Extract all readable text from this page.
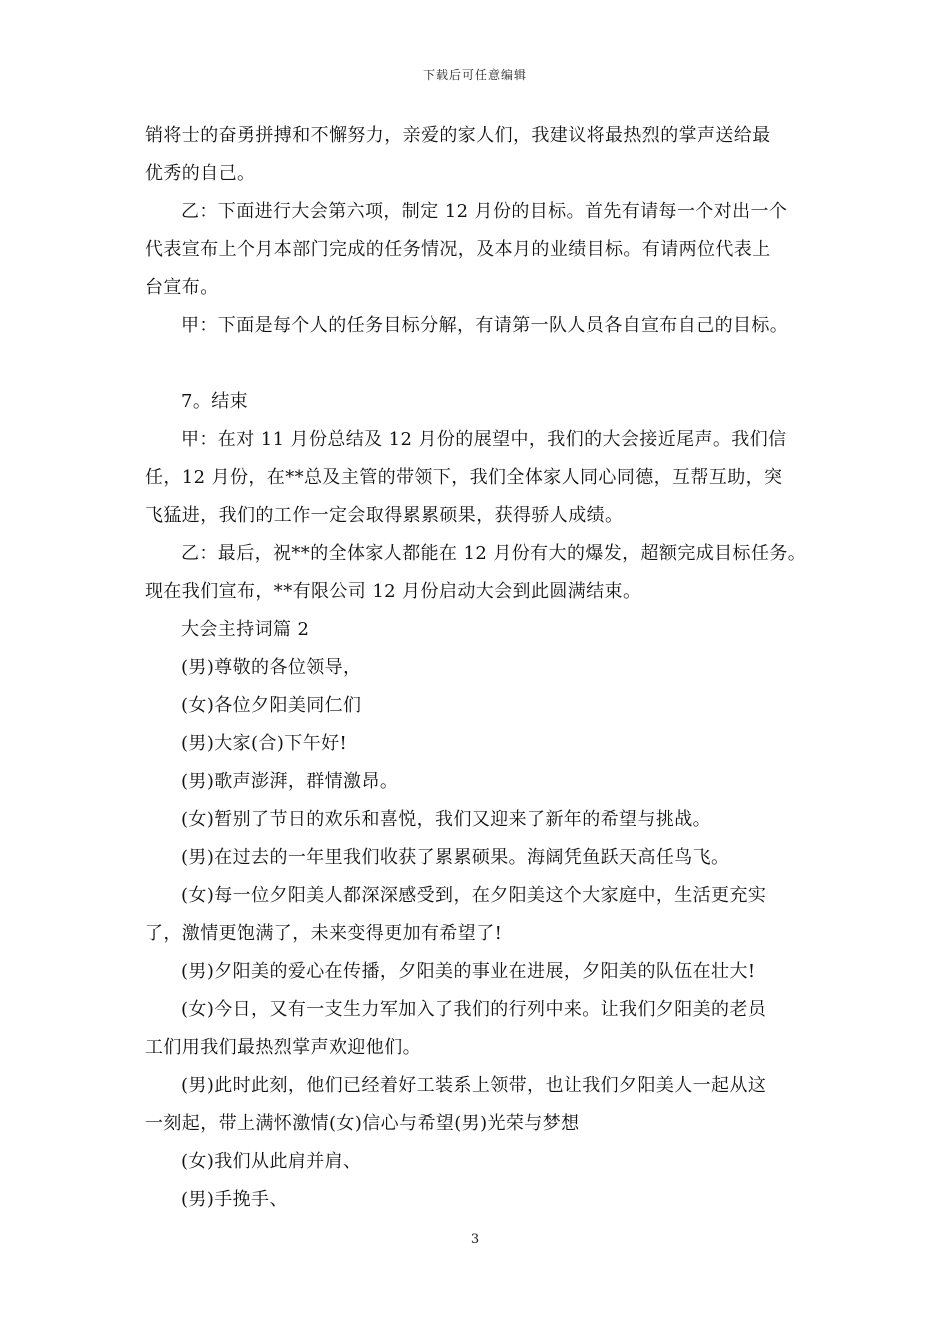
下载后可任意编辑
销将士的奋勇拼搏和不懈努力，亲爱的家人们，我建议将最热烈的掌声送给最
优秀的自己。
乙：下面进行大会第六项，制定 12 月份的目标。首先有请每一个对出一个
代表宣布上个月本部门完成的任务情况，及本月的业绩目标。有请两位代表上
台宣布。
甲：下面是每个人的任务目标分解，有请第一队人员各自宣布自己的目标。
7。结束
甲：在对 11 月份总结及 12 月份的展望中，我们的大会接近尾声。我们信
任，12 月份，在**总及主管的带领下，我们全体家人同心同德，互帮互助，突
飞猛进，我们的工作一定会取得累累硕果，获得骄人成绩。
乙：最后，祝**的全体家人都能在 12 月份有大的爆发，超额完成目标任务。
现在我们宣布，**有限公司 12 月份启动大会到此圆满结束。
大会主持词篇 2
(男)尊敬的各位领导，
(女)各位夕阳美同仁们
(男)大家(合)下午好!
(男)歌声澎湃，群情激昂。
(女)暂别了节日的欢乐和喜悦，我们又迎来了新年的希望与挑战。
(男)在过去的一年里我们收获了累累硕果。海阔凭鱼跃天高任鸟飞。
(女)每一位夕阳美人都深深感受到，在夕阳美这个大家庭中，生活更充实
了，激情更饱满了，未来变得更加有希望了!
(男)夕阳美的爱心在传播，夕阳美的事业在进展，夕阳美的队伍在壮大!
(女)今日，又有一支生力军加入了我们的行列中来。让我们夕阳美的老员
工们用我们最热烈掌声欢迎他们。
(男)此时此刻，他们已经着好工装系上领带，也让我们夕阳美人一起从这
一刻起，带上满怀激情(女)信心与希望(男)光荣与梦想
(女)我们从此肩并肩、
(男)手挽手、
3
